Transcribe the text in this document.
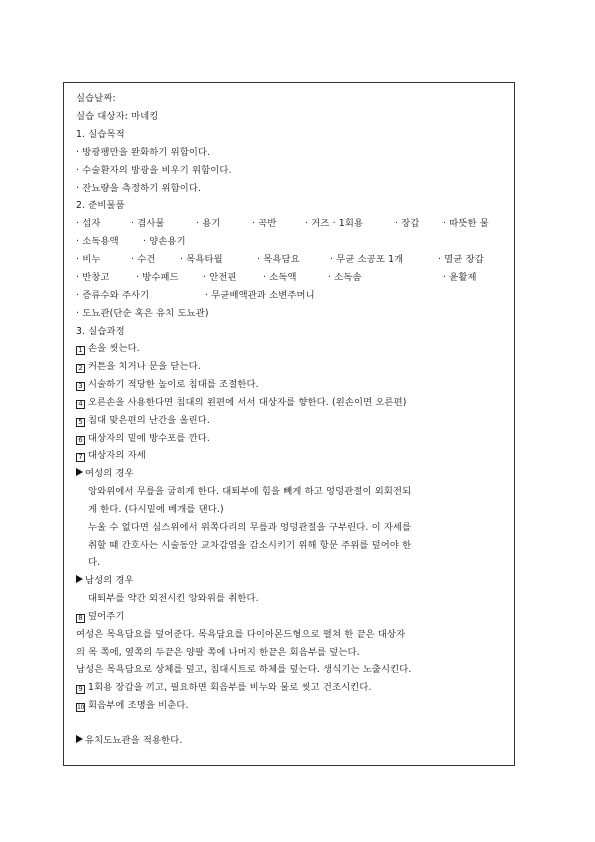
실습날짜:
실습 대상자: 마네킹
1. 실습목적
· 방광팽만을 완화하기 위함이다.
· 수술환자의 방광을 비우기 위함이다.
· 잔뇨량을 측정하기 위함이다.
2. 준비물품
· 섭자	· 겸사물	· 용기	· 곡반	· 거즈 · 1회용	· 장갑	· 따뜻한 물
· 소독용액	· 양손용기
· 비누	· 수건	· 목욕타월	· 목욕담요	· 무균 소공포 1개	· 멸균 장갑
· 반창고	· 방수패드	· 안전핀	· 소독액	· 소독솜	· 윤활제
· 증류수와 주사기	· 무균배액관과 소변주머니
· 도뇨관(단순 혹은 유치 도뇨관)
3. 실습과정
1 손을 씻는다.
2 커튼을 치거나 문을 닫는다.
3 시술하기 적당한 높이로 침대를 조절한다.
4 오른손을 사용한다면 침대의 왼편에 서서 대상자를 향한다. (왼손이면 오른편)
5 침대 맞은편의 난간을 올린다.
6 대상자의 밑에 방수포를 깐다.
7 대상자의 자세
여성의 경우
앙와위에서 무릎을 굽히게 한다. 대퇴부에 힘을 빼게 하고 엉덩관절이 외회전되
게 한다. (다시밑에 베개를 댄다.)
누울 수 없다면 심스위에서 위쪽다리의 무릎과 엉덩관절을 구부린다. 이 자세를
취할 때 간호사는 시술동안 교차감염을 감소시키기 위해 항문 주위를 덮어야 한
다.
남성의 경우
대퇴부를 약간 외전시킨 앙와위를 취한다.
8 덮어주기
여성은 목욕담요를 덮어준다. 목욕담요를 다이아몬드형으로 펼쳐 한 끝은 대상자
의 목 쪽에, 옆쪽의 두끝은 양팔 쪽에 나머지 한끝은 회음부를 덮는다.
남성은 목욕담요로 상체를 덮고, 침대시트로 하체를 덮는다. 생식기는 노출시킨다.
9 1회용 장갑을 끼고, 필요하면 회음부를 비누와 물로 씻고 건조시킨다.
10 회음부에 조명을 비춘다.
유치도뇨관을 적용한다.
